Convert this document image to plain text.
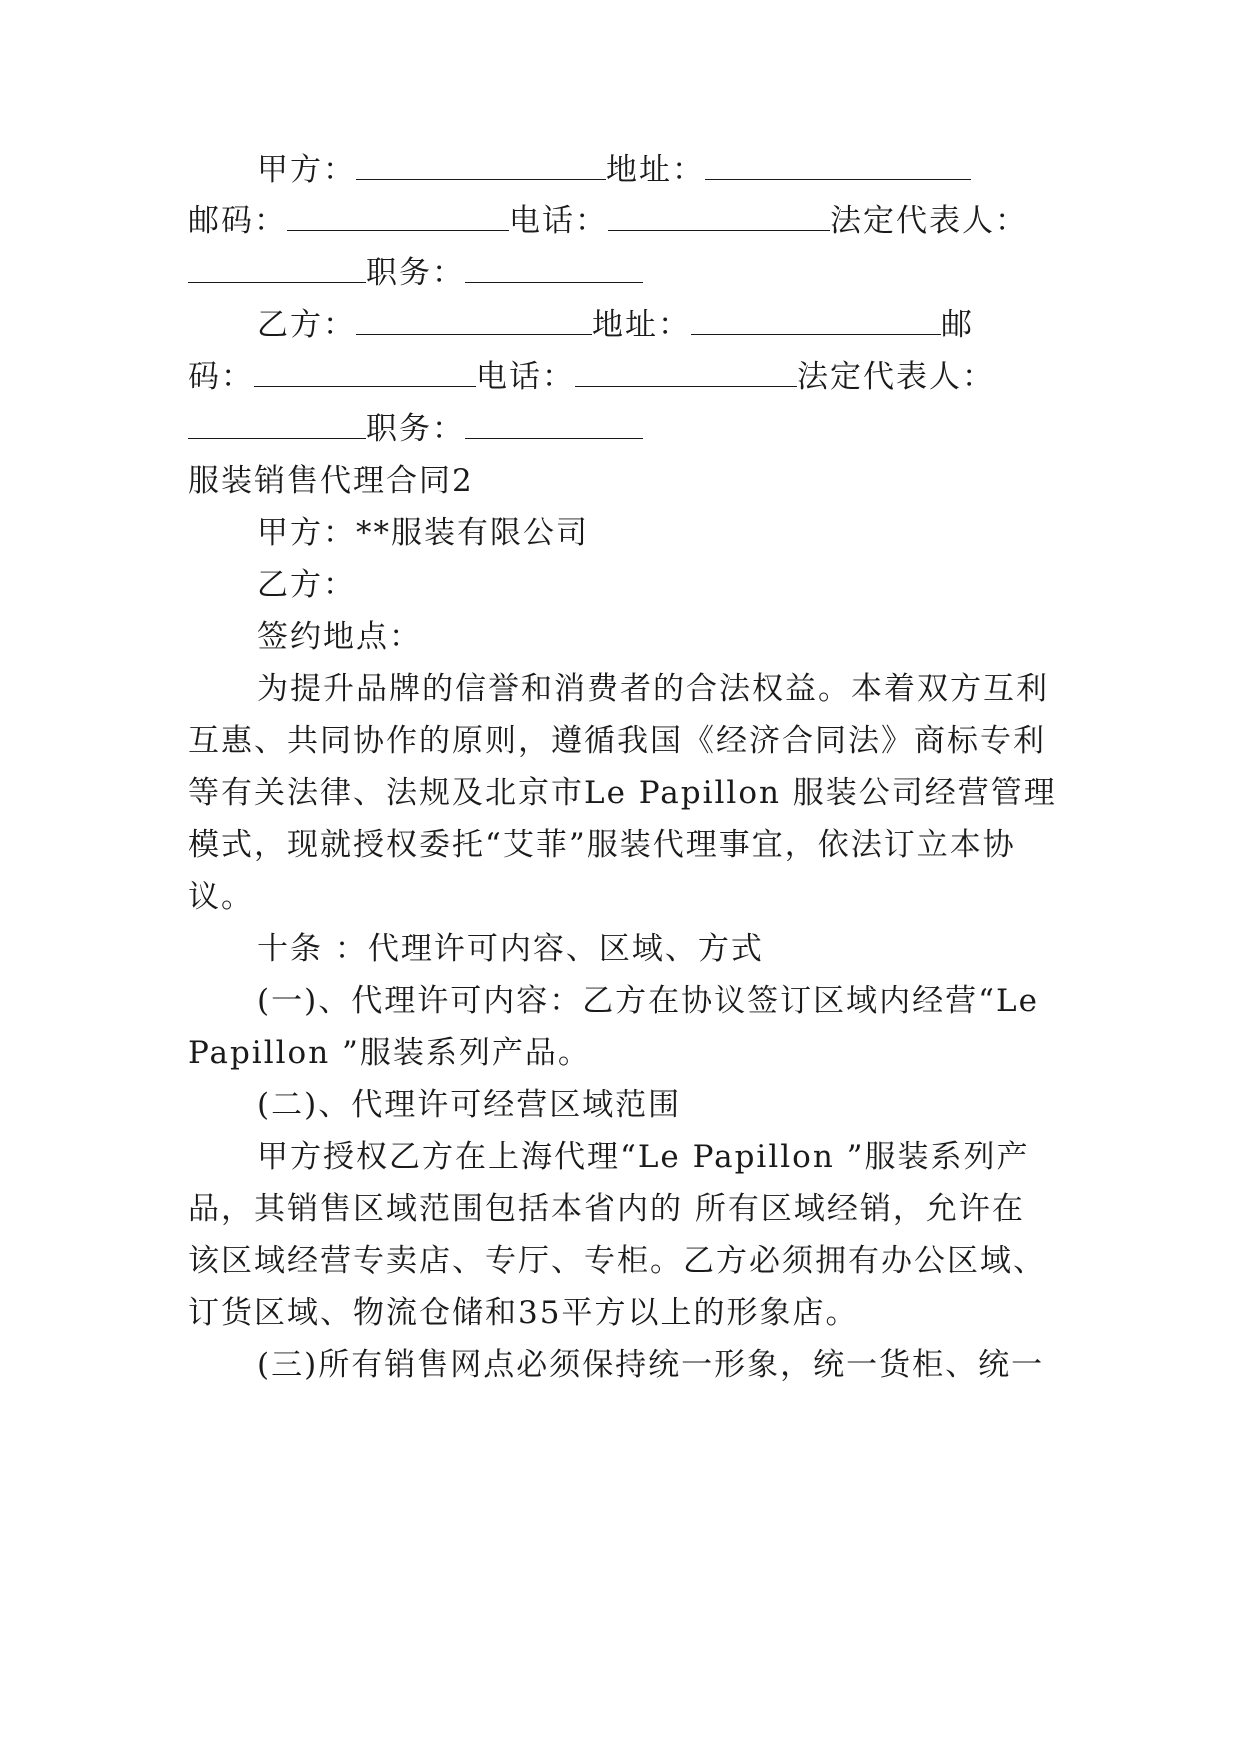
甲方：	地址：
邮码：	电话：	法定代表人：
职务：
乙方：	地址：	邮
码：	电话：	法定代表人：
职务：
服装销售代理合同2
甲方：**服装有限公司
乙方：
签约地点：
为提升品牌的信誉和消费者的合法权益。本着双方互利
互惠、共同协作的原则，遵循我国《经济合同法》商标专利
等有关法律、法规及北京市Le Papillon 服装公司经营管理
模式，现就授权委托“艾菲”服装代理事宜，依法订立本协
议。
十条 ：代理许可内容、区域、方式
(一)、代理许可内容：乙方在协议签订区域内经营“Le
Papillon ”服装系列产品。
(二)、代理许可经营区域范围
甲方授权乙方在上海代理“Le Papillon ”服装系列产
品，其销售区域范围包括本省内的 所有区域经销，允许在
该区域经营专卖店、专厅、专柜。乙方必须拥有办公区域、
订货区域、物流仓储和35平方以上的形象店。
(三)所有销售网点必须保持统一形象，统一货柜、统一
